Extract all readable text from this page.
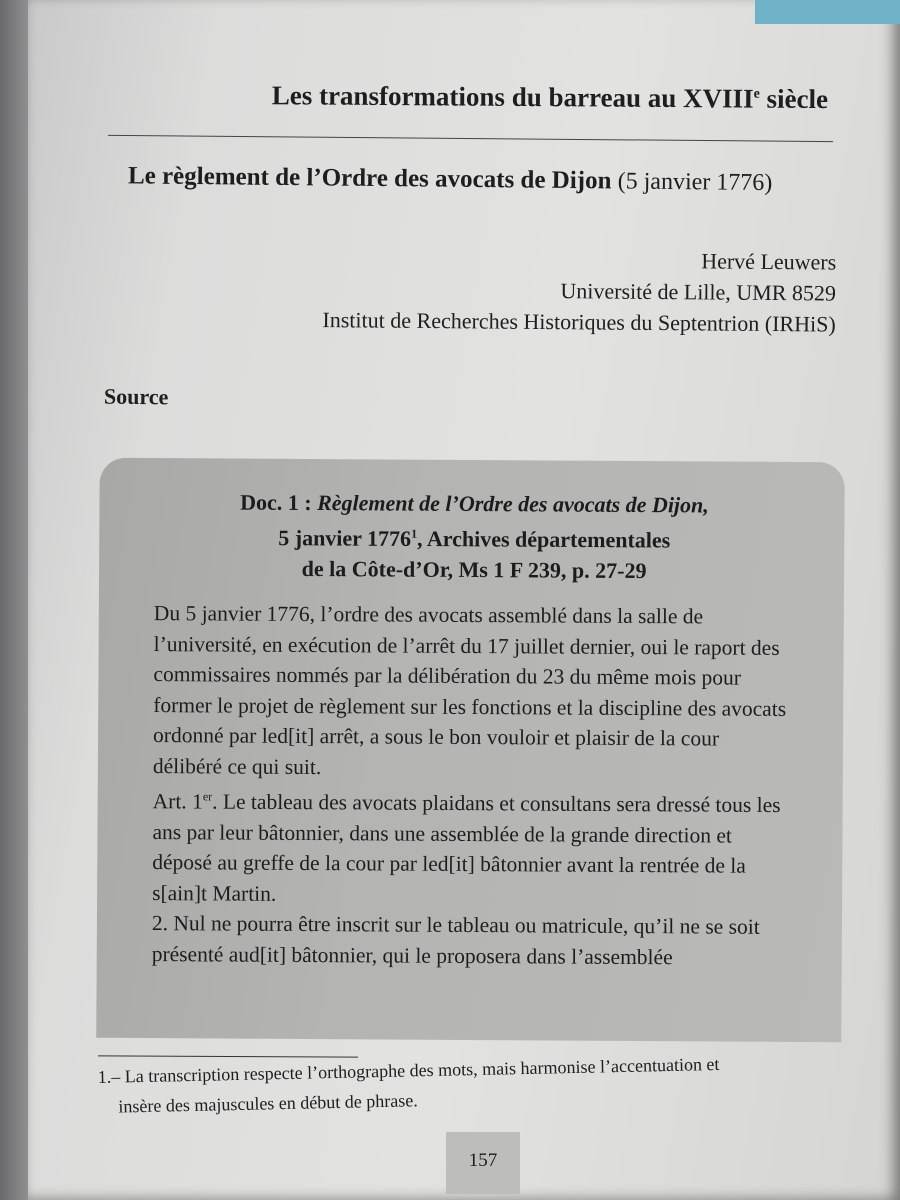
Les transformations du barreau au XVIIIe siècle
Le règlement de l’Ordre des avocats de Dijon (5 janvier 1776)
Hervé Leuwers
Université de Lille, UMR 8529
Institut de Recherches Historiques du Septentrion (IRHiS)
Source
Doc. 1 : Règlement de l’Ordre des avocats de Dijon,
5 janvier 1776$^1$, Archives départementales
de la Côte-d’Or, Ms 1 F 239, p. 27-29

Du 5 janvier 1776, l’ordre des avocats assemblé dans la salle de l’université, en exécution de l’arrêt du 17 juillet dernier, oui le raport des commissaires nommés par la délibération du 23 du même mois pour former le projet de règlement sur les fonctions et la discipline des avocats ordonné par led[it] arrêt, a sous le bon vouloir et plaisir de la cour délibéré ce qui suit.

Art. 1er. Le tableau des avocats plaidans et consultans sera dressé tous les ans par leur bâtonnier, dans une assemblée de la grande direction et déposé au greffe de la cour par led[it] bâtonnier avant la rentrée de la s[ain]t Martin.

2. Nul ne pourra être inscrit sur le tableau ou matricule, qu’il ne se soit présenté aud[it] bâtonnier, qui le proposera dans l’assemblée

1.– La transcription respecte l’orthographe des mots, mais harmonise l’accentuation et
insère des majuscules en début de phrase.
157
